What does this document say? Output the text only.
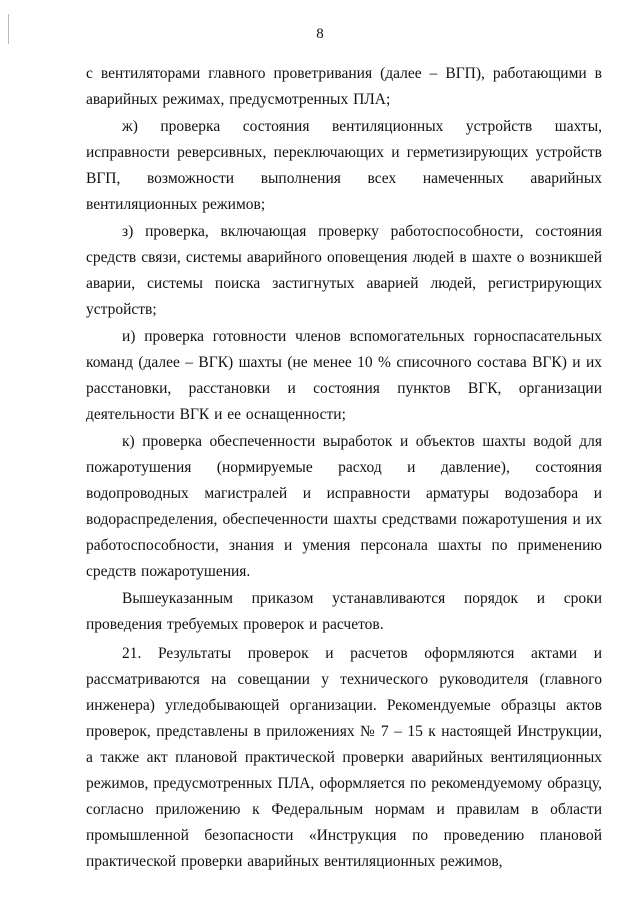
8

с вентиляторами главного проветривания (далее – ВГП), работающими в аварийных режимах, предусмотренных ПЛА;

ж) проверка состояния вентиляционных устройств шахты, исправности реверсивных, переключающих и герметизирующих устройств ВГП, возможности выполнения всех намеченных аварийных вентиляционных режимов;

з) проверка, включающая проверку работоспособности, состояния средств связи, системы аварийного оповещения людей в шахте о возникшей аварии, системы поиска застигнутых аварией людей, регистрирующих устройств;

и) проверка готовности членов вспомогательных горноспасательных команд (далее – ВГК) шахты (не менее 10 % списочного состава ВГК) и их расстановки, расстановки и состояния пунктов ВГК, организации деятельности ВГК и ее оснащенности;

к) проверка обеспеченности выработок и объектов шахты водой для пожаротушения (нормируемые расход и давление), состояния водопроводных магистралей и исправности арматуры водозабора и водораспределения, обеспеченности шахты средствами пожаротушения и их работоспособности, знания и умения персонала шахты по применению средств пожаротушения.

Вышеуказанным приказом устанавливаются порядок и сроки проведения требуемых проверок и расчетов.

21. Результаты проверок и расчетов оформляются актами и рассматриваются на совещании у технического руководителя (главного инженера) угледобывающей организации. Рекомендуемые образцы актов проверок, представлены в приложениях № 7 – 15 к настоящей Инструкции, а также акт плановой практической проверки аварийных вентиляционных режимов, предусмотренных ПЛА, оформляется по рекомендуемому образцу, согласно приложению к Федеральным нормам и правилам в области промышленной безопасности «Инструкция по проведению плановой практической проверки аварийных вентиляционных режимов,
